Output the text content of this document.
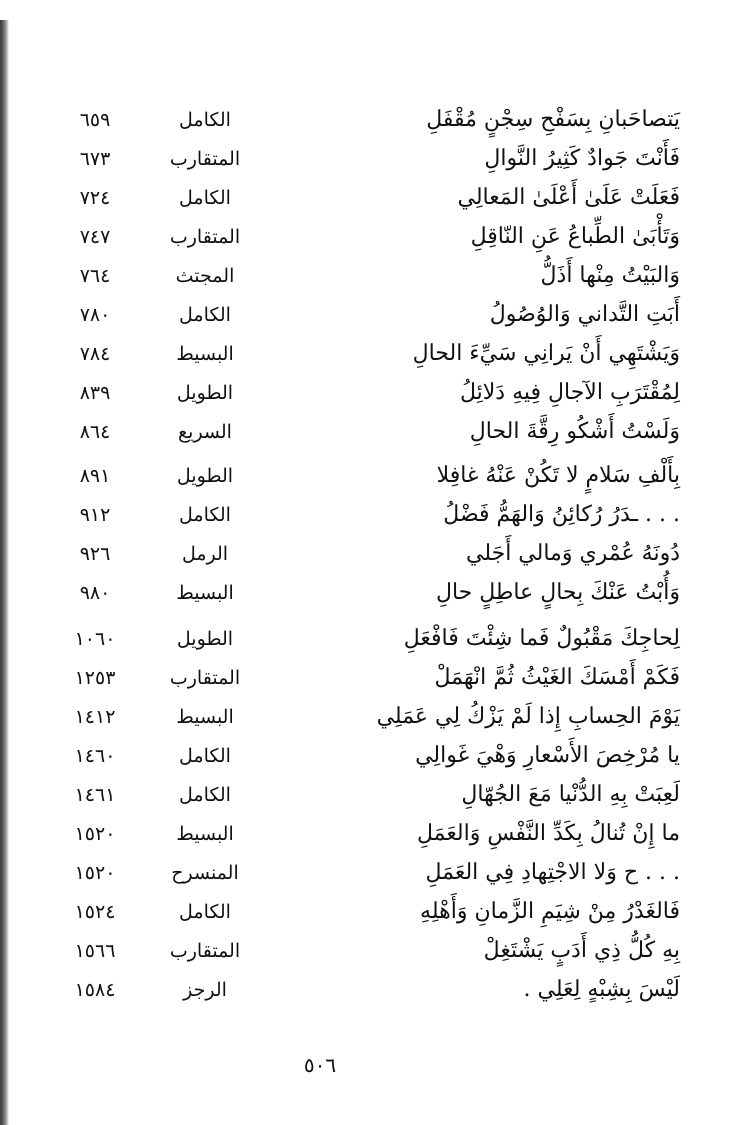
يَتصاحَبانِ بِسَفْحِ سِجْنٍ مُقْفَلِ
الكامل
٦٥٩
فَأَنْتَ جَوادٌ كَثِيرُ النَّوالِ
المتقارب
٦٧٣
فَعَلَتْ عَلَىٰ أَعْلَىٰ المَعالِي
الكامل
٧٢٤
وَتَأْبَىٰ الطِّباعُ عَنِ النّاقِلِ
المتقارب
٧٤٧
وَالبَيْتُ مِنْها أَذَلُّ
المجتث
٧٦٤
أَبَتِ التَّداني وَالوُصُولُ
الكامل
٧٨٠
وَيَشْتَهِي أَنْ يَرانِي سَيِّءَ الحالِ
البسيط
٧٨٤
لِمُقْتَرَبِ الآجالِ فِيهِ دَلائِلُ
الطويل
٨٣٩
وَلَسْتُ أَشْكُو رِقَّةَ الحالِ
السريع
٨٦٤
بِأَلْفِ سَلامٍ لا تَكُنْ عَنْهُ غافِلا
الطويل
٨٩١
. . . ـدَرُ رُكائِنُ وَالهَمُّ فَضْلُ
الكامل
٩١٢
دُونَهُ عُمْري وَمالي أَجَلي
الرمل
٩٢٦
وَأُبْتُ عَنْكَ بِحالٍ عاطِلٍ حالِ
البسيط
٩٨٠
لِحاجِكَ مَقْبُولٌ فَما شِئْتَ فَافْعَلِ
الطويل
١٠٦٠
فَكَمْ أَمْسَكَ الغَيْثُ ثُمَّ انْهَمَلْ
المتقارب
١٢٥٣
يَوْمَ الحِسابِ إِذا لَمْ يَزْكُ لِي عَمَلِي
البسيط
١٤١٢
يا مُرْخِصَ الأَسْعارِ وَهْيَ غَوالِي
الكامل
١٤٦٠
لَعِبَتْ بِهِ الدُّنْيا مَعَ الجُهّالِ
الكامل
١٤٦١
ما إِنْ تُنالُ بِكَدِّ النَّفْسِ وَالعَمَلِ
البسيط
١٥٢٠
. . . ح وَلا الاجْتِهادِ فِي العَمَلِ
المنسرح
١٥٢٠
فَالغَدْرُ مِنْ شِيَمِ الزَّمانِ وَأَهْلِهِ
الكامل
١٥٢٤
بِهِ كُلُّ ذِي أَدَبٍ يَشْتَغِلْ
المتقارب
١٥٦٦
لَيْسَ بِشِبْهٍ لِعَلِي .
الرجز
١٥٨٤
٥٠٦
